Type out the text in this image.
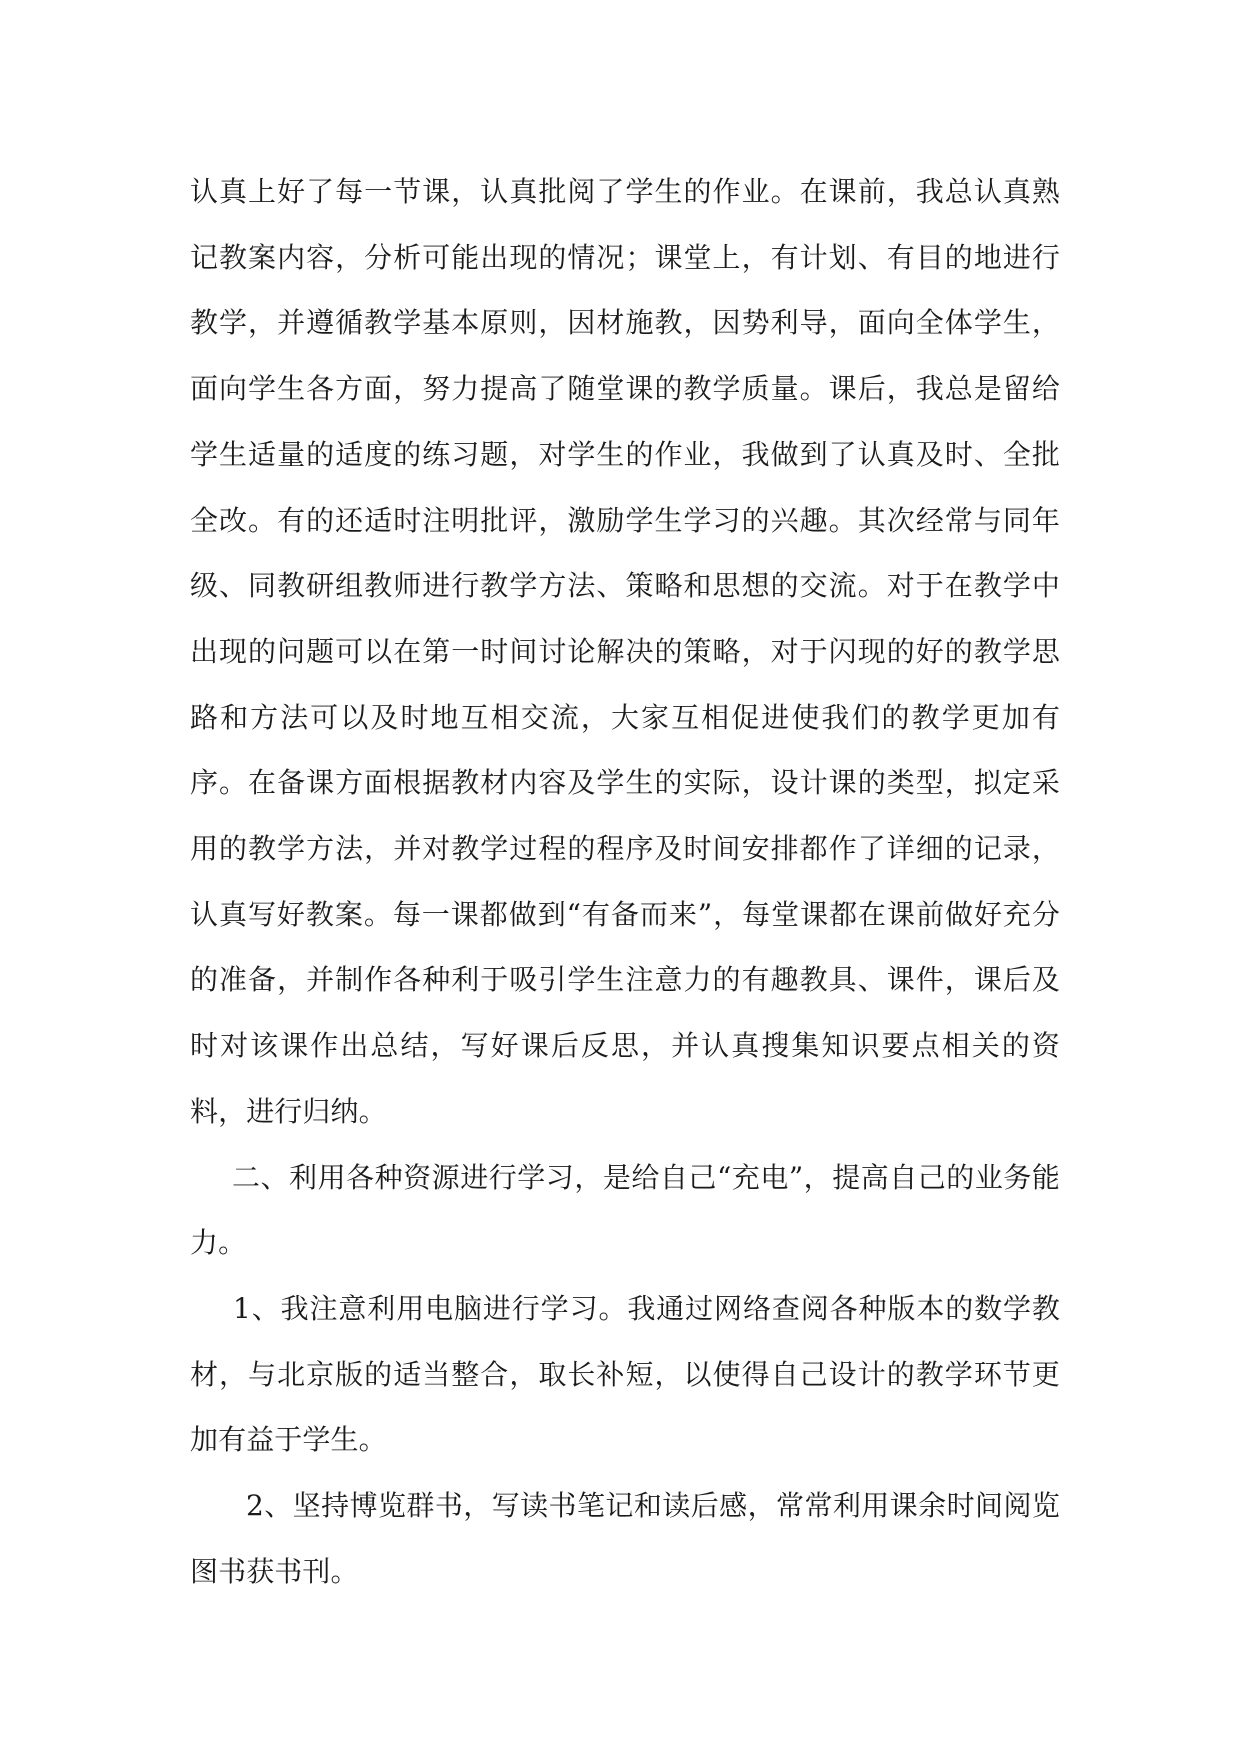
认真上好了每一节课，认真批阅了学生的作业。在课前，我总认真熟记教案内容，分析可能出现的情况；课堂上，有计划、有目的地进行教学，并遵循教学基本原则，因材施教，因势利导，面向全体学生，面向学生各方面，努力提高了随堂课的教学质量。课后，我总是留给学生适量的适度的练习题，对学生的作业，我做到了认真及时、全批全改。有的还适时注明批评，激励学生学习的兴趣。其次经常与同年级、同教研组教师进行教学方法、策略和思想的交流。对于在教学中出现的问题可以在第一时间讨论解决的策略，对于闪现的好的教学思路和方法可以及时地互相交流，大家互相促进使我们的教学更加有序。在备课方面根据教材内容及学生的实际，设计课的类型，拟定采用的教学方法，并对教学过程的程序及时间安排都作了详细的记录，认真写好教案。每一课都做到“有备而来”，每堂课都在课前做好充分的准备，并制作各种利于吸引学生注意力的有趣教具、课件，课后及时对该课作出总结，写好课后反思，并认真搜集知识要点相关的资料，进行归纳。

二、利用各种资源进行学习，是给自己“充电”，提高自己的业务能力。

1、我注意利用电脑进行学习。我通过网络查阅各种版本的数学教材，与北京版的适当整合，取长补短，以使得自己设计的教学环节更加有益于学生。

2、坚持博览群书，写读书笔记和读后感，常常利用课余时间阅览图书获书刊。
